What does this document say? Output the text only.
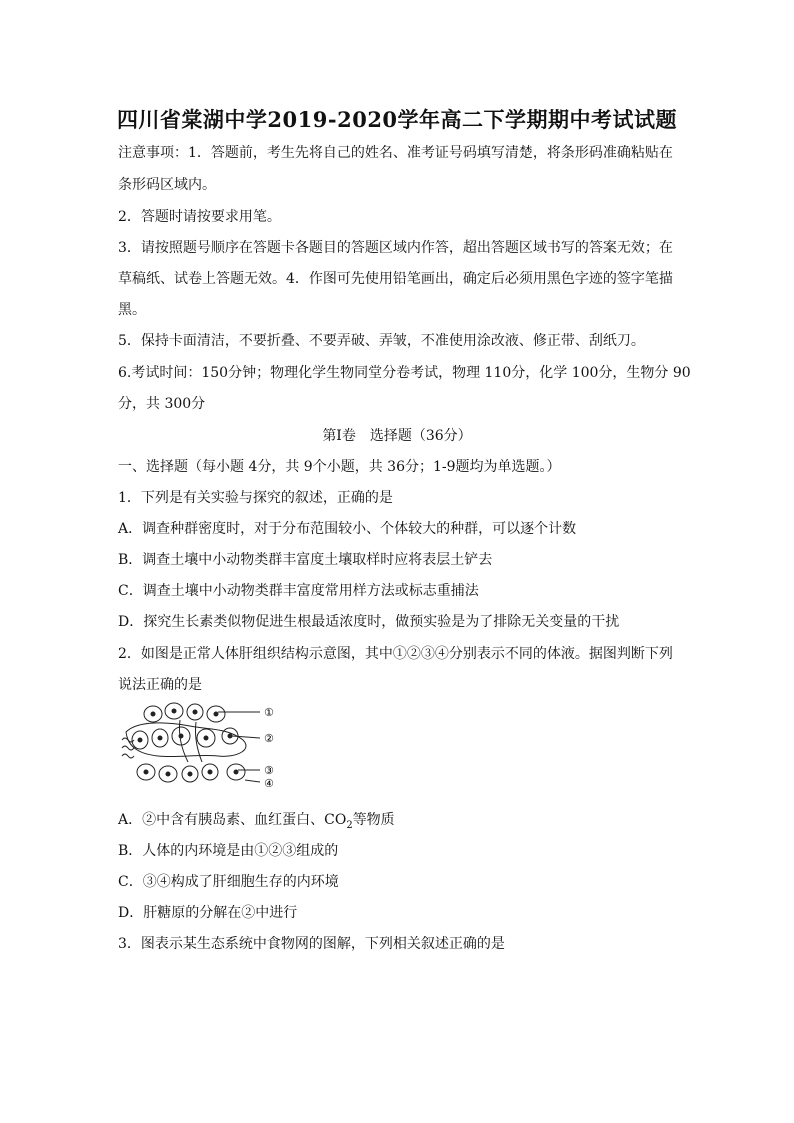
四川省棠湖中学2019-2020学年高二下学期期中考试试题
注意事项：1．答题前，考生先将自己的姓名、准考证号码填写清楚，将条形码准确粘贴在
条形码区域内。
2．答题时请按要求用笔。
3．请按照题号顺序在答题卡各题目的答题区域内作答，超出答题区域书写的答案无效；在
草稿纸、试卷上答题无效。4．作图可先使用铅笔画出，确定后必须用黑色字迹的签字笔描
黑。
5．保持卡面清洁，不要折叠、不要弄破、弄皱，不准使用涂改液、修正带、刮纸刀。
6.考试时间：150分钟；物理化学生物同堂分卷考试，物理 110分，化学 100分，生物分 90
分，共 300分
第Ⅰ卷　选择题（36分）
一、选择题（每小题 4分，共 9个小题，共 36分；1-9题均为单选题。）
1．下列是有关实验与探究的叙述，正确的是
A．调查种群密度时，对于分布范围较小、个体较大的种群，可以逐个计数
B．调查土壤中小动物类群丰富度土壤取样时应将表层土铲去
C．调查土壤中小动物类群丰富度常用样方法或标志重捕法
D．探究生长素类似物促进生根最适浓度时，做预实验是为了排除无关变量的干扰
2．如图是正常人体肝组织结构示意图，其中①②③④分别表示不同的体液。据图判断下列
说法正确的是
①
②
③
④
A．②中含有胰岛素、血红蛋白、$CO_2$等物质
B．人体的内环境是由①②③组成的
C．③④构成了肝细胞生存的内环境
D．肝糖原的分解在②中进行
3．图表示某生态系统中食物网的图解，下列相关叙述正确的是
